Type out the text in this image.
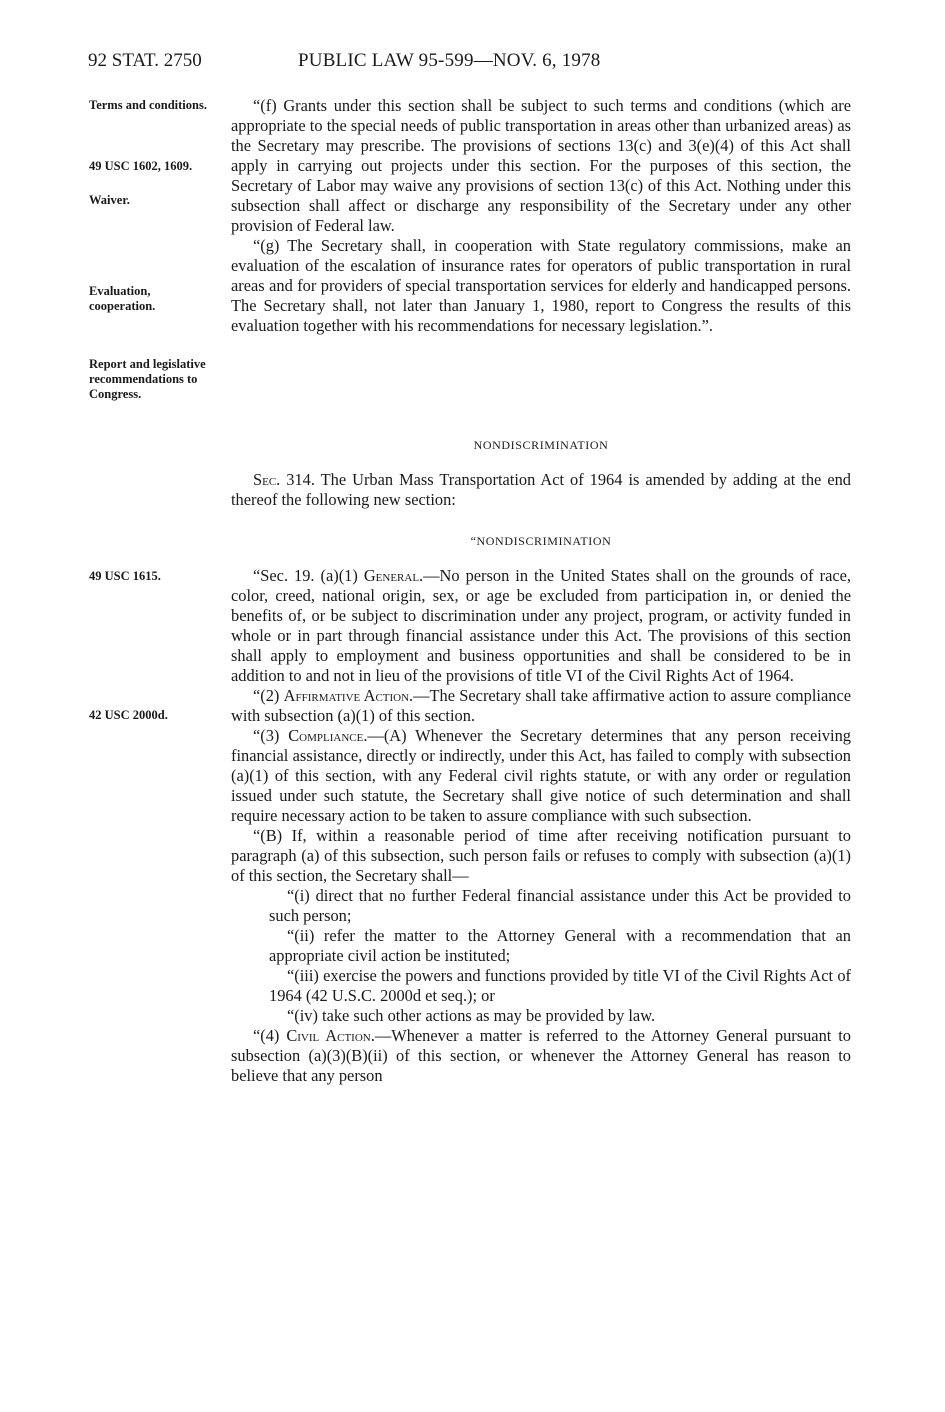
92 STAT. 2750	PUBLIC LAW 95-599—NOV. 6, 1978
Terms and conditions.
49 USC 1602, 1609.
Waiver.
Evaluation, cooperation.
Report and legislative recommendations to Congress.
49 USC 1615.
42 USC 2000d.

“(f) Grants under this section shall be subject to such terms and conditions (which are appropriate to the special needs of public transportation in areas other than urbanized areas) as the Secretary may prescribe. The provisions of sections 13(c) and 3(e)(4) of this Act shall apply in carrying out projects under this section. For the purposes of this section, the Secretary of Labor may waive any provisions of section 13(c) of this Act. Nothing under this subsection shall affect or discharge any responsibility of the Secretary under any other provision of Federal law.

“(g) The Secretary shall, in cooperation with State regulatory commissions, make an evaluation of the escalation of insurance rates for operators of public transportation in rural areas and for providers of special transportation services for elderly and handicapped persons. The Secretary shall, not later than January 1, 1980, report to Congress the results of this evaluation together with his recommendations for necessary legislation.”.

NONDISCRIMINATION

Sec. 314. The Urban Mass Transportation Act of 1964 is amended by adding at the end thereof the following new section:

“NONDISCRIMINATION

“Sec. 19. (a)(1) General.—No person in the United States shall on the grounds of race, color, creed, national origin, sex, or age be excluded from participation in, or denied the benefits of, or be subject to discrimination under any project, program, or activity funded in whole or in part through financial assistance under this Act. The provisions of this section shall apply to employment and business opportunities and shall be considered to be in addition to and not in lieu of the provisions of title VI of the Civil Rights Act of 1964.

“(2) Affirmative Action.—The Secretary shall take affirmative action to assure compliance with subsection (a)(1) of this section.

“(3) Compliance.—(A) Whenever the Secretary determines that any person receiving financial assistance, directly or indirectly, under this Act, has failed to comply with subsection (a)(1) of this section, with any Federal civil rights statute, or with any order or regulation issued under such statute, the Secretary shall give notice of such determination and shall require necessary action to be taken to assure compliance with such subsection.

“(B) If, within a reasonable period of time after receiving notification pursuant to paragraph (a) of this subsection, such person fails or refuses to comply with subsection (a)(1) of this section, the Secretary shall—

“(i) direct that no further Federal financial assistance under this Act be provided to such person;

“(ii) refer the matter to the Attorney General with a recommendation that an appropriate civil action be instituted;

“(iii) exercise the powers and functions provided by title VI of the Civil Rights Act of 1964 (42 U.S.C. 2000d et seq.); or

“(iv) take such other actions as may be provided by law.

“(4) Civil Action.—Whenever a matter is referred to the Attorney General pursuant to subsection (a)(3)(B)(ii) of this section, or whenever the Attorney General has reason to believe that any person
